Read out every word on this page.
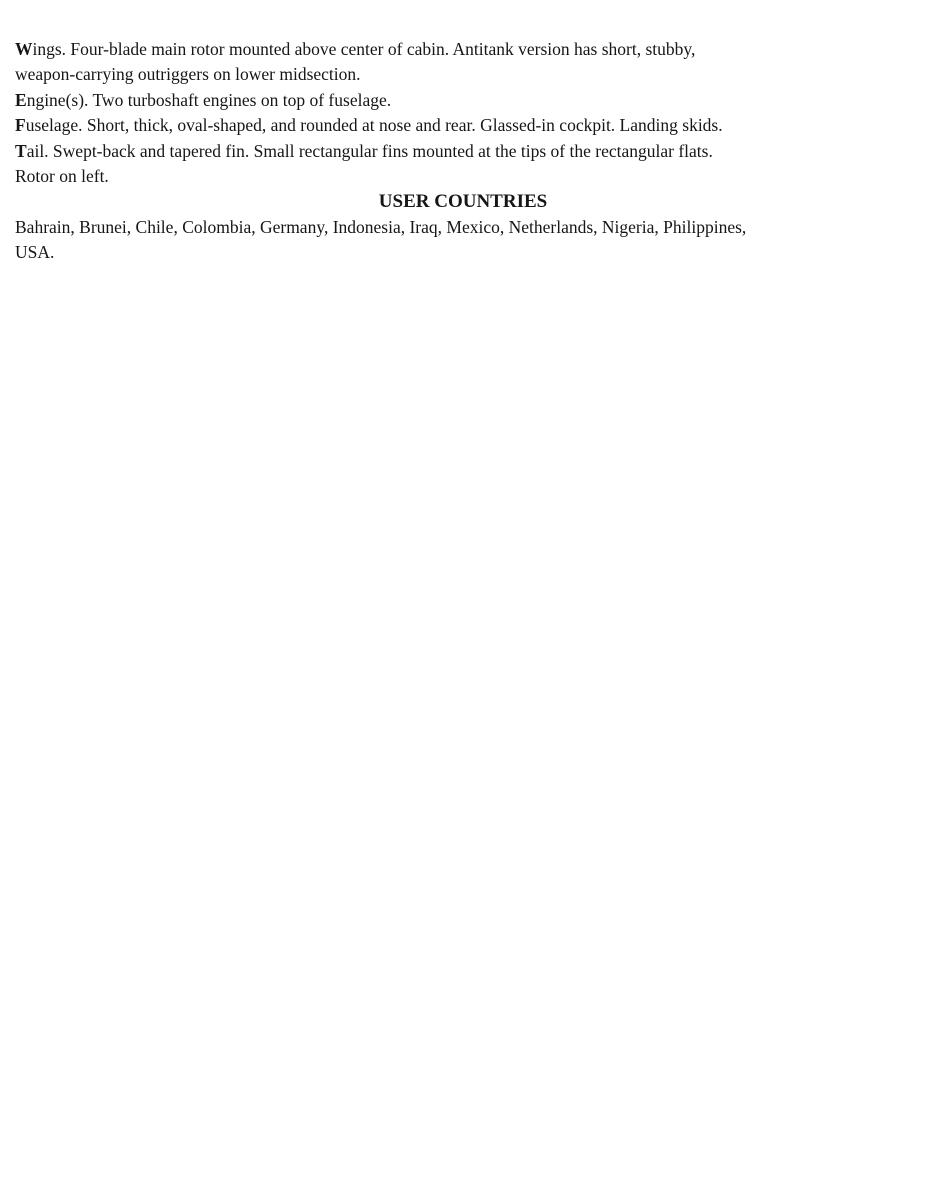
Wings. Four-blade main rotor mounted above center of cabin. Antitank version has short, stubby,
weapon-carrying outriggers on lower midsection.
Engine(s). Two turboshaft engines on top of fuselage.
Fuselage. Short, thick, oval-shaped, and rounded at nose and rear. Glassed-in cockpit. Landing skids.
Tail. Swept-back and tapered fin. Small rectangular fins mounted at the tips of the rectangular flats.
Rotor on left.
USER COUNTRIES
Bahrain, Brunei, Chile, Colombia, Germany, Indonesia, Iraq, Mexico, Netherlands, Nigeria, Philippines,
USA.
